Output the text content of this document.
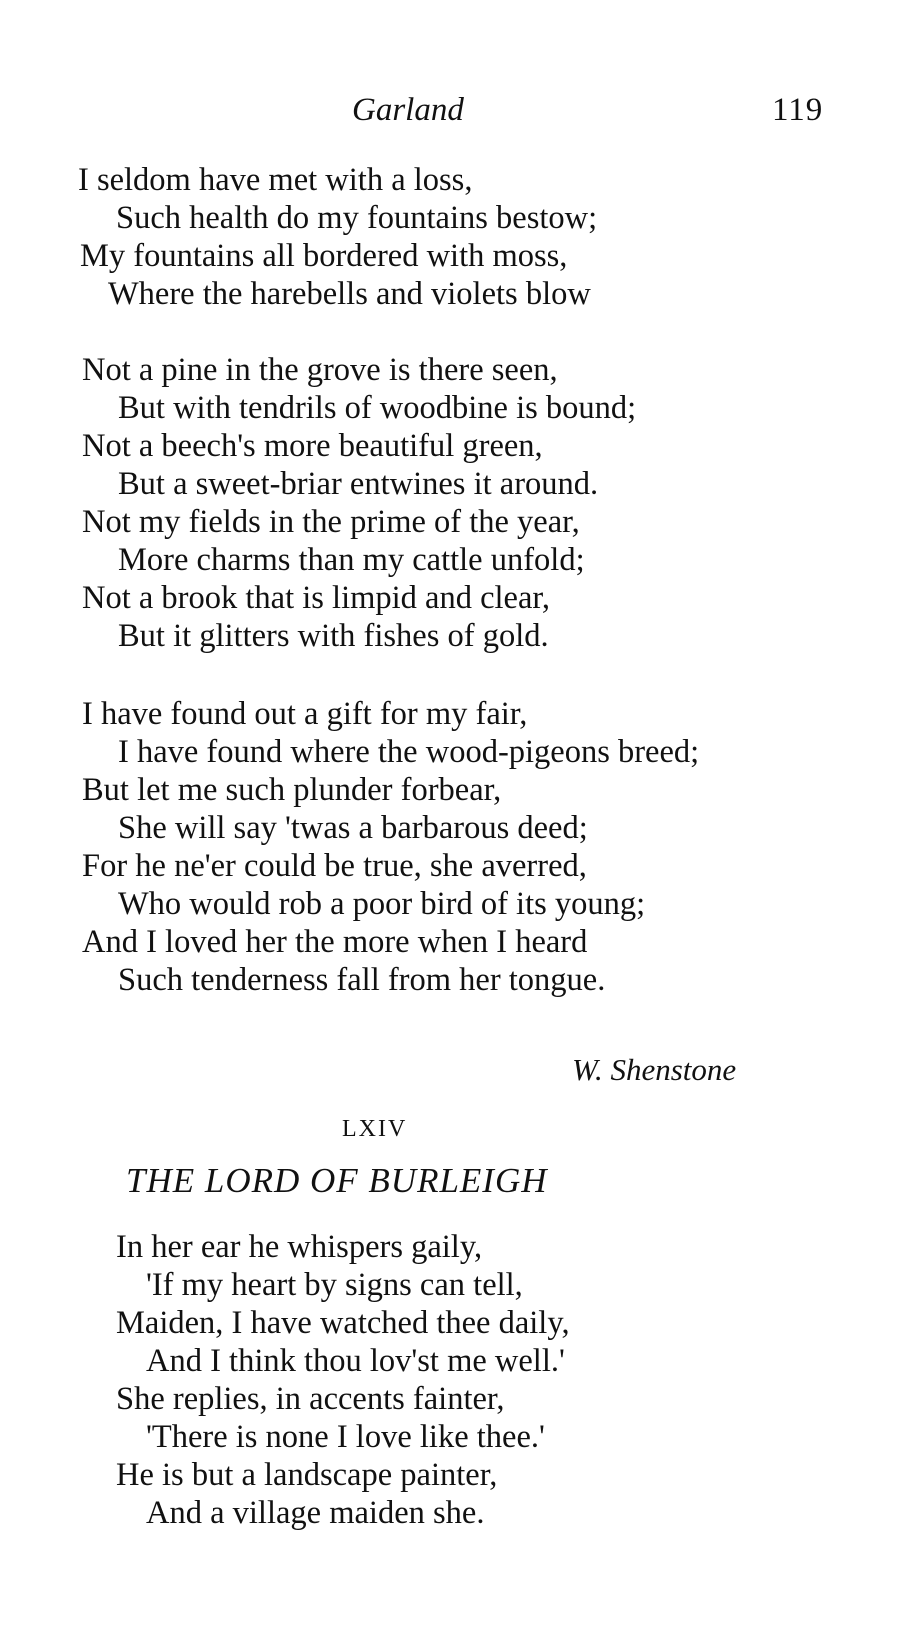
Garland	119
I seldom have met with a loss,
Such health do my fountains bestow;
My fountains all bordered with moss,
Where the harebells and violets blow
Not a pine in the grove is there seen,
But with tendrils of woodbine is bound;
Not a beech's more beautiful green,
But a sweet-briar entwines it around.
Not my fields in the prime of the year,
More charms than my cattle unfold;
Not a brook that is limpid and clear,
But it glitters with fishes of gold.
I have found out a gift for my fair,
I have found where the wood-pigeons breed;
But let me such plunder forbear,
She will say 'twas a barbarous deed;
For he ne'er could be true, she averred,
Who would rob a poor bird of its young;
And I loved her the more when I heard
Such tenderness fall from her tongue.
W. Shenstone
LXIV
THE LORD OF BURLEIGH
In her ear he whispers gaily,
'If my heart by signs can tell,
Maiden, I have watched thee daily,
And I think thou lov'st me well.'
She replies, in accents fainter,
'There is none I love like thee.'
He is but a landscape painter,
And a village maiden she.
